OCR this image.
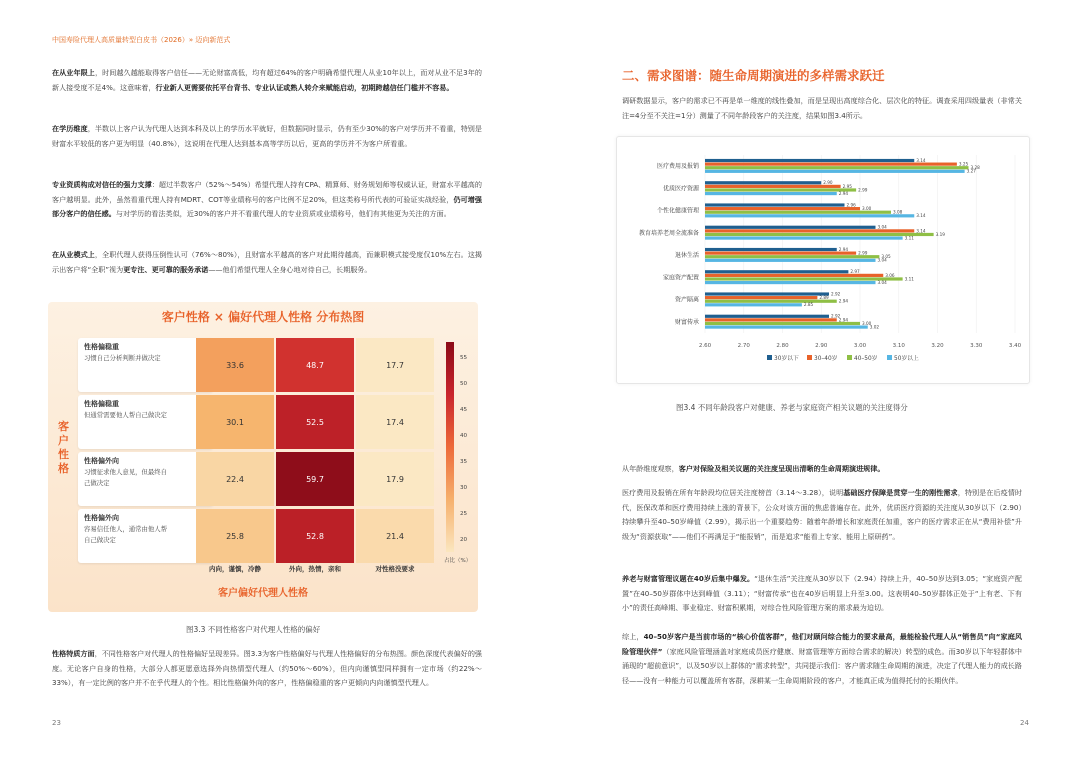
中国寿险代理人高质量转型白皮书（2026）» 迈向新范式

在从业年限上，时间越久越能取得客户信任——无论财富高低，均有超过64%的客户明确希望代理人从业10年以上，而对从业不足3年的新人接受度不足4%。这意味着，行业新人更需要依托平台背书、专业认证或熟人转介来赋能启动，初期跨越信任门槛并不容易。

在学历维度，半数以上客户认为代理人达到本科及以上的学历水平就好，但数据同时显示，仍有至少30%的客户对学历并不看重，特别是财富水平较低的客户更为明显（40.8%），这说明在代理人达到基本高等学历以后，更高的学历并不为客户所看重。

专业资质构成对信任的强力支撑：超过半数客户（52%～54%）希望代理人持有CPA、精算师、财务规划师等权威认证，财富水平越高的客户越明显。此外，虽然看重代理人持有MDRT、COT等业绩称号的客户比例不足20%，但这类称号所代表的可验证实战经验，仍可增强部分客户的信任感。与对学历的看法类似，近30%的客户并不看重代理人的专业资质或业绩称号，他们有其他更为关注的方面。

在从业模式上，全职代理人获得压倒性认可（76%～80%），且财富水平越高的客户对此期待越高，而兼职模式接受度仅10%左右。这揭示出客户将“全职”视为更专注、更可靠的服务承诺——他们希望代理人全身心地对待自己，长期服务。

客户性格 × 偏好代理人性格 分布热图
客户性格
性格偏稳重
习惯自己分析判断并做决定
性格偏稳重
但通常需要他人帮自己做决定
性格偏外向
习惯征求他人意见，但最终自己做决定
性格偏外向
容易信任他人，通常由他人帮自己做决定
33.6	48.7	17.7
30.1	52.5	17.4
22.4	59.7	17.9
25.8	52.8	21.4
内向，谨慎，冷静	外向，热情，亲和	对性格没要求
客户偏好代理人性格
55
50
45
40
35
30
25
20
占比（%）
图3.3 不同性格客户对代理人性格的偏好

性格特质方面，不同性格客户对代理人的性格偏好呈现差异。图3.3为客户性格偏好与代理人性格偏好的分布热图。颜色深度代表偏好的强度。无论客户自身的性格，大部分人都更愿意选择外向热情型代理人（约50%～60%），但内向谨慎型同样拥有一定市场（约22%～33%），有一定比例的客户并不在乎代理人的个性。相比性格偏外向的客户，性格偏稳重的客户更倾向内向谨慎型代理人。

23
二、需求图谱：随生命周期演进的多样需求跃迁

调研数据显示，客户的需求已不再是单一维度的线性叠加，而是呈现出高度综合化、层次化的特征。调查采用四级量表（非常关注=4分至不关注=1分）测量了不同年龄段客户的关注度，结果如图3.4所示。

2.60	2.70	2.80	2.90	3.00	3.10	3.20	3.30	3.40
医疗费用及报销
3.14
3.25
3.28
3.27
优质医疗资源
2.90
2.95
2.99
2.94
个性化健康管理
2.96
3.00
3.08
3.14
教育培养老周全流准备
3.04
3.14
3.19
3.11
退休生活
2.94
2.99
3.05
3.04
家庭资产配置
2.97
3.06
3.11
3.04
资产隔离
2.92
2.89
2.94
2.85
财富传承
2.92
2.94
3.00
3.02
30岁以下	30–40岁	40–50岁	50岁以上
图3.4 不同年龄段客户对健康、养老与家庭资产相关议题的关注度得分

从年龄维度观察，客户对保险及相关议题的关注度呈现出清晰的生命周期演进规律。

医疗费用及报销在所有年龄段均位居关注度榜首（3.14～3.28），说明基础医疗保障是贯穿一生的刚性需求，特别是在后疫情时代，医保改革和医疗费用持续上涨的背景下，公众对该方面的焦虑普遍存在。此外，优质医疗资源的关注度从30岁以下（2.90）持续攀升至40–50岁峰值（2.99），揭示出一个重要趋势：随着年龄增长和家庭责任加重，客户的医疗需求正在从“费用补偿”升级为“资源获取”——他们不再满足于“能报销”，而是追求“能看上专家、能用上原研药”。

养老与财富管理议题在40岁后集中爆发。“退休生活”关注度从30岁以下（2.94）持续上升，40–50岁达到3.05；“家庭资产配置”在40–50岁群体中达到峰值（3.11）；“财富传承”也在40岁后明显上升至3.00。这表明40–50岁群体正处于“上有老、下有小”的责任高峰期、事业稳定、财富积累期，对综合性风险管理方案的需求最为迫切。

综上，40–50岁客户是当前市场的“核心价值客群”，他们对顾问综合能力的要求最高，最能检验代理人从“销售员”向“家庭风险管理伙伴”（家庭风险管理涵盖对家庭成员医疗健康、财富管理等方面综合需求的解决）转型的成色。而30岁以下年轻群体中涌现的“超前意识”，以及50岁以上群体的“需求转型”，共同提示我们：客户需求随生命周期的演进，决定了代理人能力的成长路径——没有一种能力可以覆盖所有客群，深耕某一生命周期阶段的客户，才能真正成为值得托付的长期伙伴。

24
